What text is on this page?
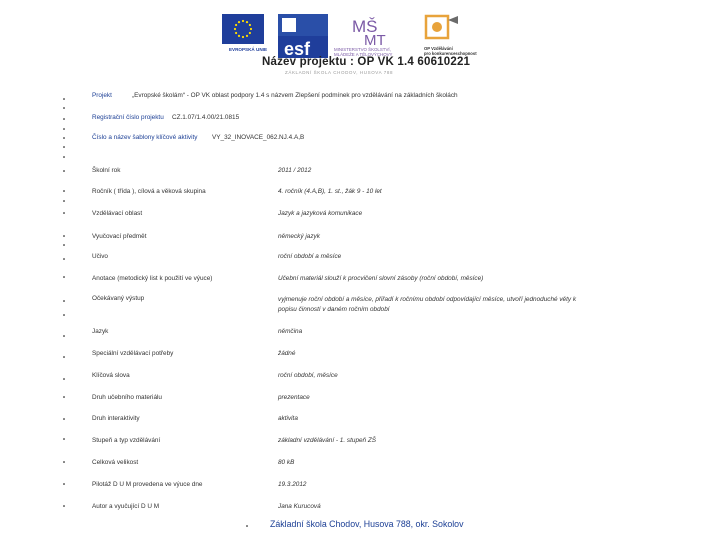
EVROPSKÁ UNIE esf
MŠ
MT
MINISTERSTVO ŠKOLSTVÍ,
MLÁDEŽE A TĚLOVÝCHOVY
OP Vzdělávání
pro konkurenceschopnost
Název projektu : OP VK 1.4 60610221
ZÁKLADNÍ ŠKOLA CHODOV, HUSOVA 788
Projekt	„Evropské školám“ - OP VK oblast podpory 1.4 s názvem Zlepšení podmínek pro vzdělávání na základních školách
Registrační číslo projektu CZ.1.07/1.4.00/21.0815
Číslo a název šablony klíčové aktivity VY_32_INOVACE_062.NJ.4.A,B
Školní rok	2011 / 2012
Ročník ( třída ), cílová a věková skupina	4. ročník (4.A,B), 1. st., žák 9 - 10 let
Vzdělávací oblast	Jazyk a jazyková komunikace
Vyučovací předmět	německý jazyk
Učivo	roční období a měsíce
Anotace (metodický list k použití ve výuce)	Učební materiál slouží k procvičení slovní zásoby (roční období, měsíce)
Očekávaný výstup	vyjmenuje roční období a měsíce, přiřadí k ročnímu období odpovídající měsíce, utvoří jednoduché věty k popisu činností v daném ročním období
Jazyk	němčina
Speciální vzdělávací potřeby	žádné
Klíčová slova	roční období, měsíce
Druh učebního materiálu	prezentace
Druh interaktivity	aktivita
Stupeň a typ vzdělávání	základní vzdělávání - 1. stupeň ZŠ
Celková velikost	80 kB
Pilotáž D U M provedena ve výuce dne	19.3.2012
Autor a vyučující D U M	Jana Kurucová
Základní škola Chodov, Husova 788, okr. Sokolov
